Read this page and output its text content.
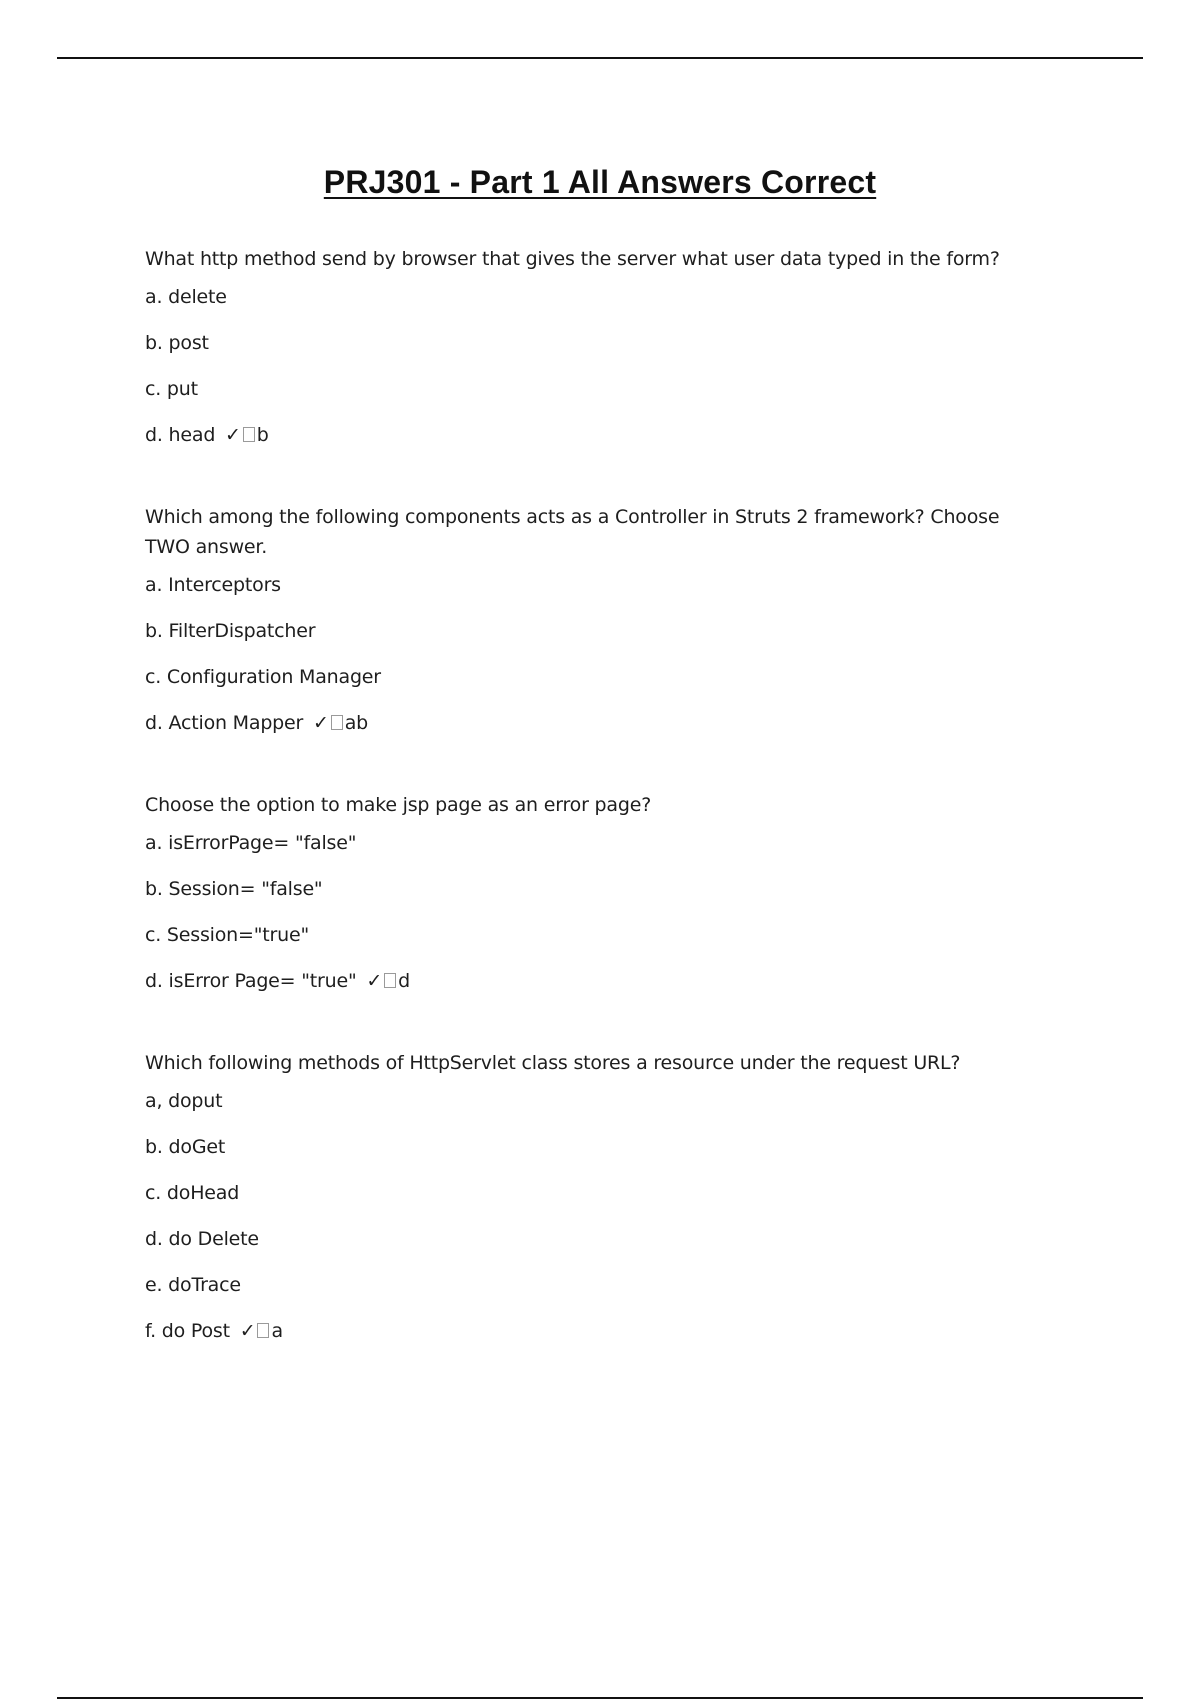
PRJ301 - Part 1 All Answers Correct
What http method send by browser that gives the server what user data typed in the form?
a. delete
b. post
c. put
d. head ✓ b
Which among the following components acts as a Controller in Struts 2 framework? Choose TWO answer.
a. Interceptors
b. FilterDispatcher
c. Configuration Manager
d. Action Mapper ✓ ab
Choose the option to make jsp page as an error page?
a. isErrorPage= "false"
b. Session= "false"
c. Session="true"
d. isError Page= "true" ✓ d
Which following methods of HttpServlet class stores a resource under the request URL?
a, doput
b. doGet
c. doHead
d. do Delete
e. doTrace
f. do Post ✓ a
